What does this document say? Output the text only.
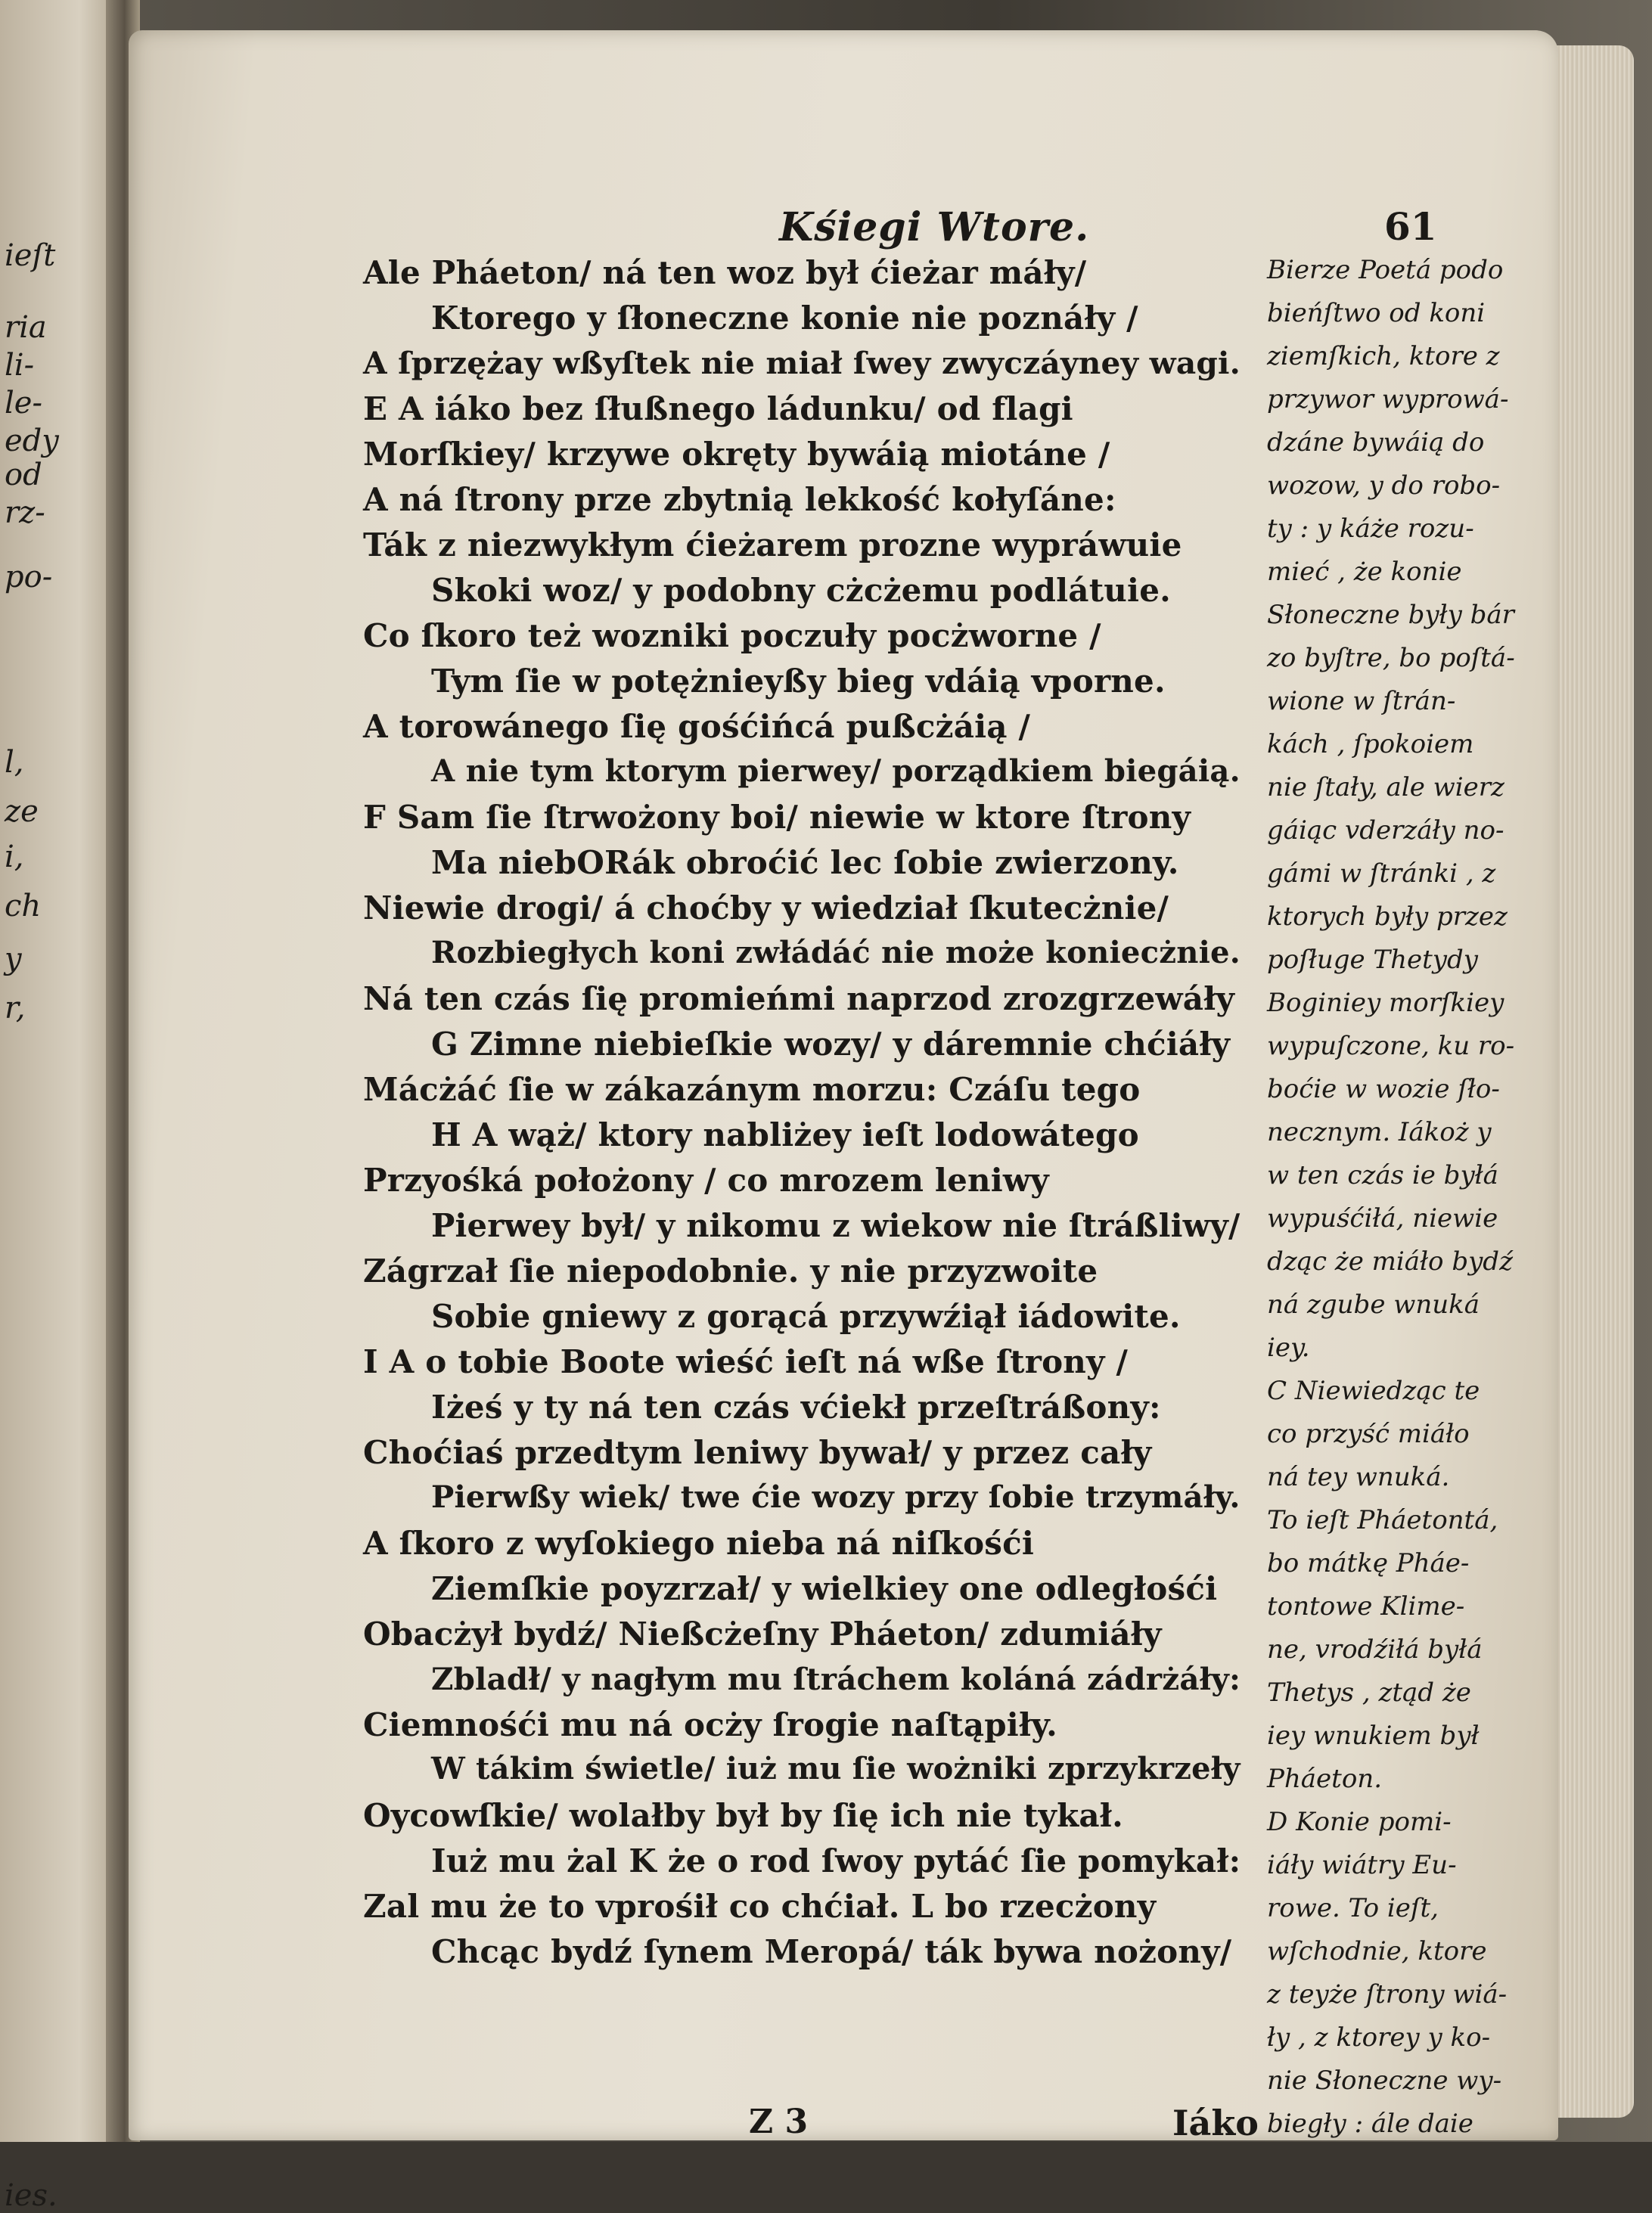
ieſt
ria
li-
le-
edy
od
rz-
po-
l,
ze
i,
ch
y
r,
ies.
Kśiegi Wtore.	61
Ale Pháeton/ ná ten woz był ćieżar máły/
Ktorego y ſłoneczne konie nie poznáły /
A ſprzężay wßyſtek nie miał ſwey zwyczáyney wagi.
E A iáko bez ſłußnego ládunku/ od flagi
Morſkiey/ krzywe okręty bywáią miotáne /
A ná ſtrony prze zbytnią lekkość kołyſáne:
Ták z niezwykłym ćieżarem prozne wypráwuie
Skoki woz/ y podobny cżcżemu podlátuie.
Co ſkoro też wozniki poczuły pocżworne /
Tym ſie w potężnieyßy bieg vdáią vporne.
A torowánego ſię gośćińcá pußcżáią /
A nie tym ktorym pierwey/ porządkiem biegáią.
F Sam ſie ſtrwożony boi/ niewie w ktore ſtrony
Ma niebORák obroćić lec ſobie zwierzony.
Niewie drogi/ á choćby y wiedział ſkutecżnie/
Rozbiegłych koni zwłádáć nie może koniecżnie.
Ná ten czás ſię promieńmi naprzod zrozgrzewáły
G Zimne niebieſkie wozy/ y dáremnie chćiáły
Mácżáć ſie w zákazánym morzu: Czáſu tego
H A wąż/ ktory nabliżey ieſt lodowátego
Przyośká położony / co mrozem leniwy
Pierwey był/ y nikomu z wiekow nie ſtráßliwy/
Zágrzał ſie niepodobnie. y nie przyzwoite
Sobie gniewy z gorącá przywźiął iádowite.
I A o tobie Boote wieść ieſt ná wße ſtrony /
Iżeś y ty ná ten czás vćiekł przeſtráßony:
Choćiaś przedtym leniwy bywał/ y przez cały
Pierwßy wiek/ twe ćie wozy przy ſobie trzymáły.
A ſkoro z wyſokiego nieba ná niſkośći
Ziemſkie poyzrzał/ y wielkiey one odległośći
Obacżył bydź/ Nießcżeſny Pháeton/ zdumiáły
Zbladł/ y nagłym mu ſtráchem koláná zádrżáły:
Ciemnośći mu ná ocży ſrogie naſtąpiły.
W tákim świetle/ iuż mu ſie wożniki zprzykrzeły
Oycowſkie/ wolałby był by ſię ich nie tykał.
Iuż mu żal K że o rod ſwoy pytáć ſie pomykał:
Zal mu że to vprośił co chćiał. L bo rzecżony
Chcąc bydź ſynem Meropá/ ták bywa nożony/
Bierze Poetá podo
bieńſtwo od koni
ziemſkich, ktore z
przywor wyprowá-
dzáne bywáią do
wozow, y do robo-
ty : y káże rozu-
mieć , że konie
Słoneczne były bár
zo byſtre, bo poſtá-
wione w ſtrán-
kách , ſpokoiem
nie ſtały, ale wierz
gáiąc vderzáły no-
gámi w ſtránki , z
ktorych były przez
poſługe Thetydy
Boginiey morſkiey
wypuſczone, ku ro-
boćie w wozie ſło-
necznym. Iákoż y
w ten czás ie byłá
wypuśćiłá, niewie
dząc że miáło bydź
ná zgube wnuká
iey.
C Niewiedząc te
co przyść miáło
ná tey wnuká.
To ieſt Pháetontá,
bo mátkę Pháe-
tontowe Klime-
ne, vrodźiłá byłá
Thetys , ztąd że
iey wnukiem był
Pháeton.
D Konie pomi-
iáły wiátry Eu-
rowe. To ieſt,
wſchodnie, ktore
z teyże ſtrony wiá-
ły , z ktorey y ko-
nie Słoneczne wy-
biegły : ále daie
Z 3	Iáko
